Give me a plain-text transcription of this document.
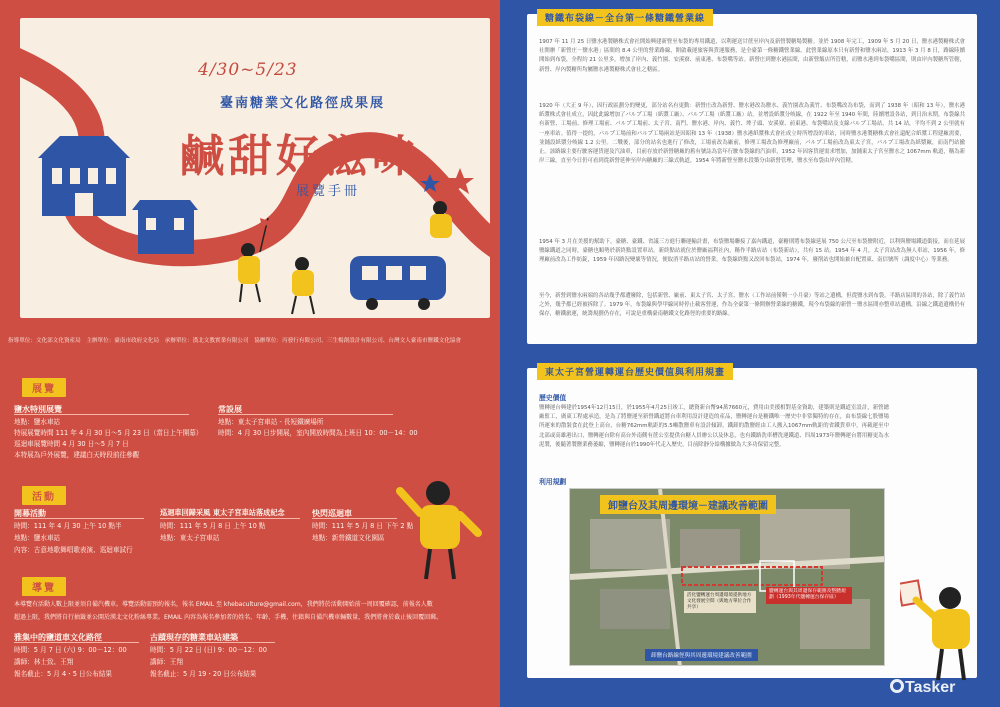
4/30~5/23
臺南糖業文化路徑成果展
鹹甜好滋味
展覽手冊
指導單位：文化部文化資產局　主辦單位：臺南市政府文化局　承辦單位：漢北文教實業有限公司　協辦單位：丙發行有限公司、三生楊創設計有限公司、台灣文人臺南市鹽鐵文化協會
展覽
鹽水特別展覽
地點：鹽水車站
特展展覽時間 111 年 4 月 30 日～5 月 23 日（當日上午開幕）
巡迴車展覽時間 4 月 30 日～5 月 7 日
本特展為戶外展覽，建議白天時段前往參觀
常設展
地點：東太子宮車站 - 長短鐵廣場所
時間：4 月 30 日步開展，室內開放時間為上班日 10：00－14：00
活動
開幕活動
時間：111 年 4 月 30 上午 10 點半
地點：鹽水車站
內容：古意地歌舞唱歌表演、巡迴車試行
巡迴車回歸采風 東太子宮車站落成紀念
時間：111 年 5 月 8 日 上午 10 點
地點：東太子宮車站
快閃巡迴車
時間：111 年 5 月 8 日 下午 2 點
地點：新營鐵道文化園區
導覽
本導覽有活動人數上限並須自備汽機車。導覽活動需預約報名，報名 EMAIL 至 khebaculture@gmail.com，我們將於活動開始前一周回覆確認，前報名人數
超過上限，我們將自行抽籤並公開於漢北文化粉絲專業。EMAIL 內容為報名參加者的姓名、年齡、手機、住籍與自備汽機車輛數量，我們將會於截止後回覆回郵。
雅集中的鹽道車文化路徑
時間：5 月 7 日 (六) 9：00－12：00
講師：林士致、王翔
報名截止：5 月 4・5 日公布結果
古蹟現存的糖業車站建築
時間：5 月 22 日 (日) 9：00－12：00
講師：王翔
報名截止：5 月 19・20 日公布結果
糖鐵布袋線－全台第一條糖鐵營業線
1907 年 11 月 25 日鹽水港製糖株式會社開始興建新營至布袋的專用鐵道，以利運送甘蔗至岸內及新營製糖場製糖。並於 1908 年完工，1909 年 5 月 20 日，鹽水港製糖株式會社開辦「新營庄－鹽水港」區間的 8.4 公里的營業路線，開啟載運旅客與貨運服務，是全臺第一條糖鐵營業線。此營業線原本只有新營和鹽水兩站，1913 年 3 月 8 日，路線陸續開始到布袋，全程約 21 公里多，增加了岸內、義竹園、安溪寮、前東港、布袋嘴等站。新營庄到鹽水港區間，由新營飯店所管轄，而鹽水港到布袋嘴區間，則由岸內製糖所管轄，新營、岸內製糖所均屬鹽水港製糖株式會社之轄區。
1920 年（大正 9 年），因行政區劃分的變更，部分站名有更動：新營庄改為新營、鹽水港改為鹽水、義竹園改為義竹、布袋嘴改為布袋，而到了 1938 年（昭和 13 年），鹽水港紙漿株式會社成立，因此此線增加了パルプ工場（紙漿工廠）、パルプ工場（紙漿工廠）站。並增設紙漿分岐線，在 1922 年至 1940 年間，陸續增設各站，到日治末期，布袋線共有新營、工場前、修理工場前、パルプ工場前、太子宮、南門、鹽水港、岸內、義竹、埤子頭、安溪寮、前東港、布袋嘴站及支線パルプ工場站，共 14 站，平均不到 2 公里就有一座車站。值得一提的，パルプ工場前和パルプ工場兩站是因昭和 13 年（1938）鹽水港紙漿株式會社成立時所增設的車站，同時鹽水港製糖株式會社還配合紙漿工程建廠需要，並鋪設紙漿分岐線 1.2 公里。二戰後，部分的站名也進行了修改，工場前改為廠前，修理工場改為修理廠前，パルプ工場前改為東太子宮，パルプ工場改為紙漿廠，而南門站撤止。該路線主要行駛客運貨運及汽油車，目前存放於新營糖廠的舊有號誌為當年行駛布袋線的汽油車，1952 年因客貨運需求增加，加鋪東太子宮至鹽水之 1067mm 軌道，稱為新岸三線，直至今日仍可看到從新營延伸至岸內糖廠的三線式軌道，1954 年將新營至鹽水段築分由新營管理，鹽水至布袋由岸內管轄。
1954 年 3 月在美援的幫助下，臺糖、臺鐵、省議三方進行聯運輸計畫，布袋鹽場聯接了嘉內鐵道，臺糖則將布袋線延展 750 公尺至布袋鹽附近，以利與鹽場鐵道銜接，而在延展鹽線鐵道之同時，臺糖也順勢於新終點設置車站，新終點站就位於鹽廠福利社內，稱作半路店站（布袋新站），共有 15 站。1954 年 4 月，太子宮站改為無人車站，1956 年，修理廠前改為工作紡錠，1959 年因路況變壞等情況，便取消半路店站的營業，布袋線終點又改回布袋站，1974 年，廢削站也開始兼自配置東、南信號所（調度中心）等業務。
至今，新營到鹽水兩端的各站幾乎都遭廢除，包括新營、廠前、東太子宮、太子宮、鹽水（工作站前僅剩一小月臺）等站之遺構，但從鹽水到布袋，半路店區間的各站，除了義竹站之外，幾乎都已經被拆除了。1979 年，布袋線與學甲線同時停止載客營運，作為全臺第一條開辦營業線的糖鐵，現今布袋線的新營－鹽水區間亦整車站遺構，沿線之鐵道遺構仍有保存，糖鐵旅運，統籌規劃仍存在，可說是重構臺南糖鐵文化路徑的重要的路線。
東太子宮營運轉運台歷史價值與利用規畫
歷史價值
鹽轉運台興建於1954年12月15日，於1955年4月25日竣工，總資新台幣94萬7660元，費用由美援相對基金資助，建築則是鐵道室設計，新營總廠監工，廣東工程處承造，是為了將鹽運至新營鐵道將台車利用設計建造的產品，鹽轉運台是糖鐵唯一歷史中非常獨特的存在，由布袋線七股鹽場所運來的散裝食在此登上高台，台糖762mm軌距的5.5噸散鹽車有設計傾卸，鐵卸的散鹽經由工人搬入1067mm軌距的省鐵貨車中，再載運至中北部或高雄港出口，鹽轉運台除有高台外南側有蔗公室提供台糖人員辦公以及休息，也有鐵路洗車槽洗運鐵道、四周1973年鹽轉運台將用糖更為水泥製，後隨著製鹽業務萎縮，鹽轉運台於1990年代走入歷史，目前除靜分給構據做為大多功保留完整。
利用規劃
卸鹽台及其周邊環境－建議改善範圍
活化鹽轉運台周邊環境提供地方文化發展空間（與地方單位合作共享）
鹽轉運台與其周邊保存範圍及整體規劃（1993年代鹽轉運台保存區）
卸鹽台路線徑與其周邊環境建議改善範圍
Tasker
